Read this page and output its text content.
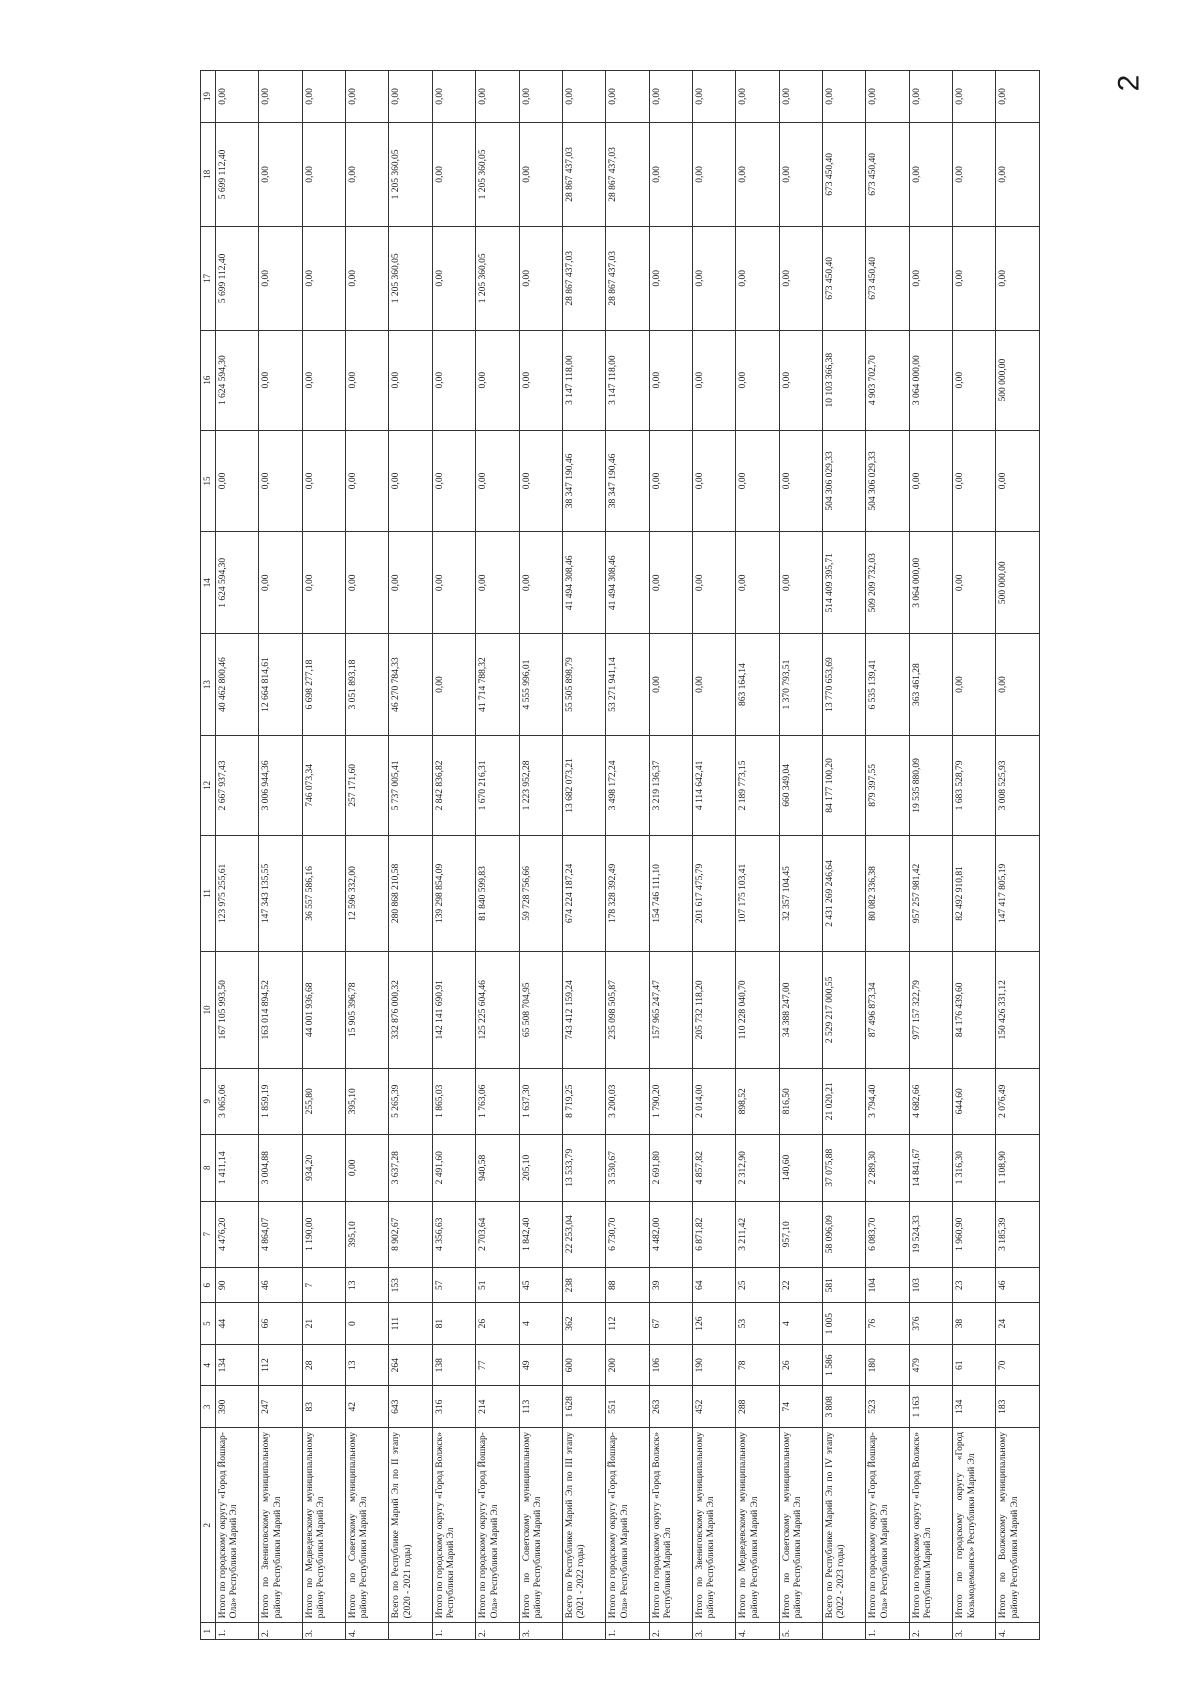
2
1	2	3	4	5	6	7	8	9	10	11	12	13	14	15	16	17	18	19
1.	Итого по городскому округу «Город Йошкар-Ола» Республики Марий Эл	390	134	44	90	4 476,20	1 411,14	3 065,06	167 105 993,50	123 975 255,61	2 667 937,43	40 462 800,46	1 624 594,30	0,00	1 624 594,30	5 699 112,40	5 699 112,40	0,00
2.	Итого по Звениговскому муниципальному району Республики Марий Эл	247	112	66	46	4 864,07	3 004,88	1 859,19	163 014 894,52	147 343 135,55	3 006 944,36	12 664 814,61	0,00	0,00	0,00	0,00	0,00	0,00
3.	Итого по Медведевскому муниципальному району Республики Марий Эл	83	28	21	7	1 190,00	934,20	255,80	44 001 936,68	36 557 586,16	746 073,34	6 698 277,18	0,00	0,00	0,00	0,00	0,00	0,00
4.	Итого по Советскому муниципальному району Республики Марий Эл	42	13	0	13	395,10	0,00	395,10	15 905 396,78	12 596 332,00	257 171,60	3 051 893,18	0,00	0,00	0,00	0,00	0,00	0,00
	Всего по Республике Марий Эл по II этапу (2020 - 2021 годы)	643	264	111	153	8 902,67	3 637,28	5 265,39	332 876 000,32	280 868 210,58	5 737 005,41	46 270 784,33	0,00	0,00	0,00	1 205 360,05	1 205 360,05	0,00
1.	Итого по городскому округу «Город Волжск» Республики Марий Эл	316	138	81	57	4 356,63	2 491,60	1 865,03	142 141 690,91	139 298 854,09	2 842 836,82	0,00	0,00	0,00	0,00	0,00	0,00	0,00
2.	Итого по городскому округу «Город Йошкар-Ола» Республики Марий Эл	214	77	26	51	2 703,64	940,58	1 763,06	125 225 604,46	81 840 599,83	1 670 216,31	41 714 788,32	0,00	0,00	0,00	1 205 360,05	1 205 360,05	0,00
3.	Итого по Советскому муниципальному району Республики Марий Эл	113	49	4	45	1 842,40	205,10	1 637,30	65 508 704,95	59 728 756,66	1 223 952,28	4 555 996,01	0,00	0,00	0,00	0,00	0,00	0,00
	Всего по Республике Марий Эл по III этапу (2021 - 2022 годы)	1 628	600	362	238	22 253,04	13 533,79	8 719,25	743 412 159,24	674 224 187,24	13 682 073,21	55 505 898,79	41 494 308,46	38 347 190,46	3 147 118,00	28 867 437,03	28 867 437,03	0,00
1.	Итого по городскому округу «Город Йошкар-Ола» Республики Марий Эл	551	200	112	88	6 730,70	3 530,67	3 200,03	235 098 505,87	178 328 392,49	3 498 172,24	53 271 941,14	41 494 308,46	38 347 190,46	3 147 118,00	28 867 437,03	28 867 437,03	0,00
2.	Итого по городскому округу «Город Волжск» Республики Марий Эл	263	106	67	39	4 482,00	2 691,80	1 790,20	157 965 247,47	154 746 111,10	3 219 136,37	0,00	0,00	0,00	0,00	0,00	0,00	0,00
3.	Итого по Звениговскому муниципальному району Республики Марий Эл	452	190	126	64	6 871,82	4 857,82	2 014,00	205 732 118,20	201 617 475,79	4 114 642,41	0,00	0,00	0,00	0,00	0,00	0,00	0,00
4.	Итого по Медведевскому муниципальному району Республики Марий Эл	288	78	53	25	3 211,42	2 312,90	898,52	110 228 040,70	107 175 103,41	2 189 773,15	863 164,14	0,00	0,00	0,00	0,00	0,00	0,00
5.	Итого по Советскому муниципальному району Республики Марий Эл	74	26	4	22	957,10	140,60	816,50	34 388 247,00	32 357 104,45	660 349,04	1 370 793,51	0,00	0,00	0,00	0,00	0,00	0,00
	Всего по Республике Марий Эл по IV этапу (2022 - 2023 годы)	3 808	1 586	1 005	581	58 096,09	37 075,88	21 020,21	2 529 217 000,55	2 431 269 246,64	84 177 100,20	13 770 653,69	514 409 395,71	504 306 029,33	10 103 366,38	673 450,40	673 450,40	0,00
1.	Итого по городскому округу «Город Йошкар-Ола» Республики Марий Эл	523	180	76	104	6 083,70	2 289,30	3 794,40	87 496 873,34	80 082 336,38	879 397,55	6 535 139,41	509 209 732,03	504 306 029,33	4 903 702,70	673 450,40	673 450,40	0,00
2.	Итого по городскому округу «Город Волжск» Республики Марий Эл	1 163	479	376	103	19 524,33	14 841,67	4 682,66	977 157 322,79	957 257 981,42	19 535 880,09	363 461,28	3 064 000,00	0,00	3 064 000,00	0,00	0,00	0,00
3.	Итого по городскому округу «Город Козьмодемьянск» Республики Марий Эл	134	61	38	23	1 960,90	1 316,30	644,60	84 176 439,60	82 492 910,81	1 683 528,79	0,00	0,00	0,00	0,00	0,00	0,00	0,00
4.	Итого по Волжскому муниципальному району Республики Марий Эл	183	70	24	46	3 185,39	1 108,90	2 076,49	150 426 331,12	147 417 805,19	3 008 525,93	0,00	500 000,00	0,00	500 000,00	0,00	0,00	0,00
